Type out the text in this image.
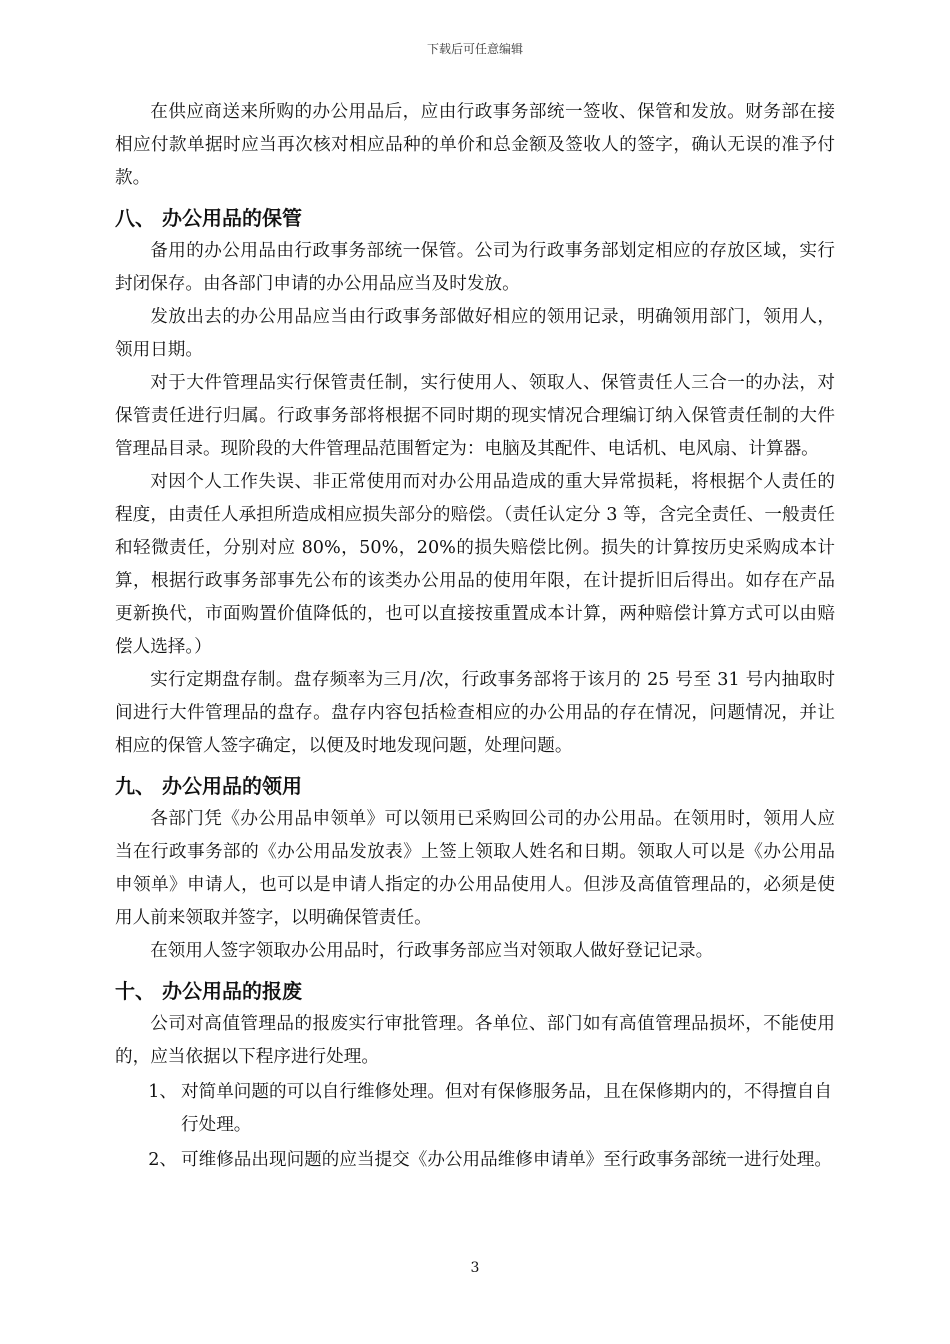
下载后可任意编辑

在供应商送来所购的办公用品后，应由行政事务部统一签收、保管和发放。财务部在接相应付款单据时应当再次核对相应品种的单价和总金额及签收人的签字，确认无误的准予付款。

八、 办公用品的保管

备用的办公用品由行政事务部统一保管。公司为行政事务部划定相应的存放区域，实行封闭保存。由各部门申请的办公用品应当及时发放。

发放出去的办公用品应当由行政事务部做好相应的领用记录，明确领用部门，领用人，领用日期。

对于大件管理品实行保管责任制，实行使用人、领取人、保管责任人三合一的办法，对保管责任进行归属。行政事务部将根据不同时期的现实情况合理编订纳入保管责任制的大件管理品目录。现阶段的大件管理品范围暂定为：电脑及其配件、电话机、电风扇、计算器。

对因个人工作失误、非正常使用而对办公用品造成的重大异常损耗，将根据个人责任的程度，由责任人承担所造成相应损失部分的赔偿。（责任认定分 3 等，含完全责任、一般责任和轻微责任，分别对应 80%，50%，20%的损失赔偿比例。损失的计算按历史采购成本计算，根据行政事务部事先公布的该类办公用品的使用年限，在计提折旧后得出。如存在产品更新换代，市面购置价值降低的，也可以直接按重置成本计算，两种赔偿计算方式可以由赔偿人选择。）

实行定期盘存制。盘存频率为三月/次，行政事务部将于该月的 25 号至 31 号内抽取时间进行大件管理品的盘存。盘存内容包括检查相应的办公用品的存在情况，问题情况，并让相应的保管人签字确定，以便及时地发现问题，处理问题。

九、 办公用品的领用

各部门凭《办公用品申领单》可以领用已采购回公司的办公用品。在领用时，领用人应当在行政事务部的《办公用品发放表》上签上领取人姓名和日期。领取人可以是《办公用品申领单》申请人，也可以是申请人指定的办公用品使用人。但涉及高值管理品的，必须是使用人前来领取并签字，以明确保管责任。

在领用人签字领取办公用品时，行政事务部应当对领取人做好登记记录。

十、 办公用品的报废

公司对高值管理品的报废实行审批管理。各单位、部门如有高值管理品损坏，不能使用的，应当依据以下程序进行处理。

1、 对简单问题的可以自行维修处理。但对有保修服务品，且在保修期内的，不得擅自自行处理。
2、 可维修品出现问题的应当提交《办公用品维修申请单》至行政事务部统一进行处理。
3
